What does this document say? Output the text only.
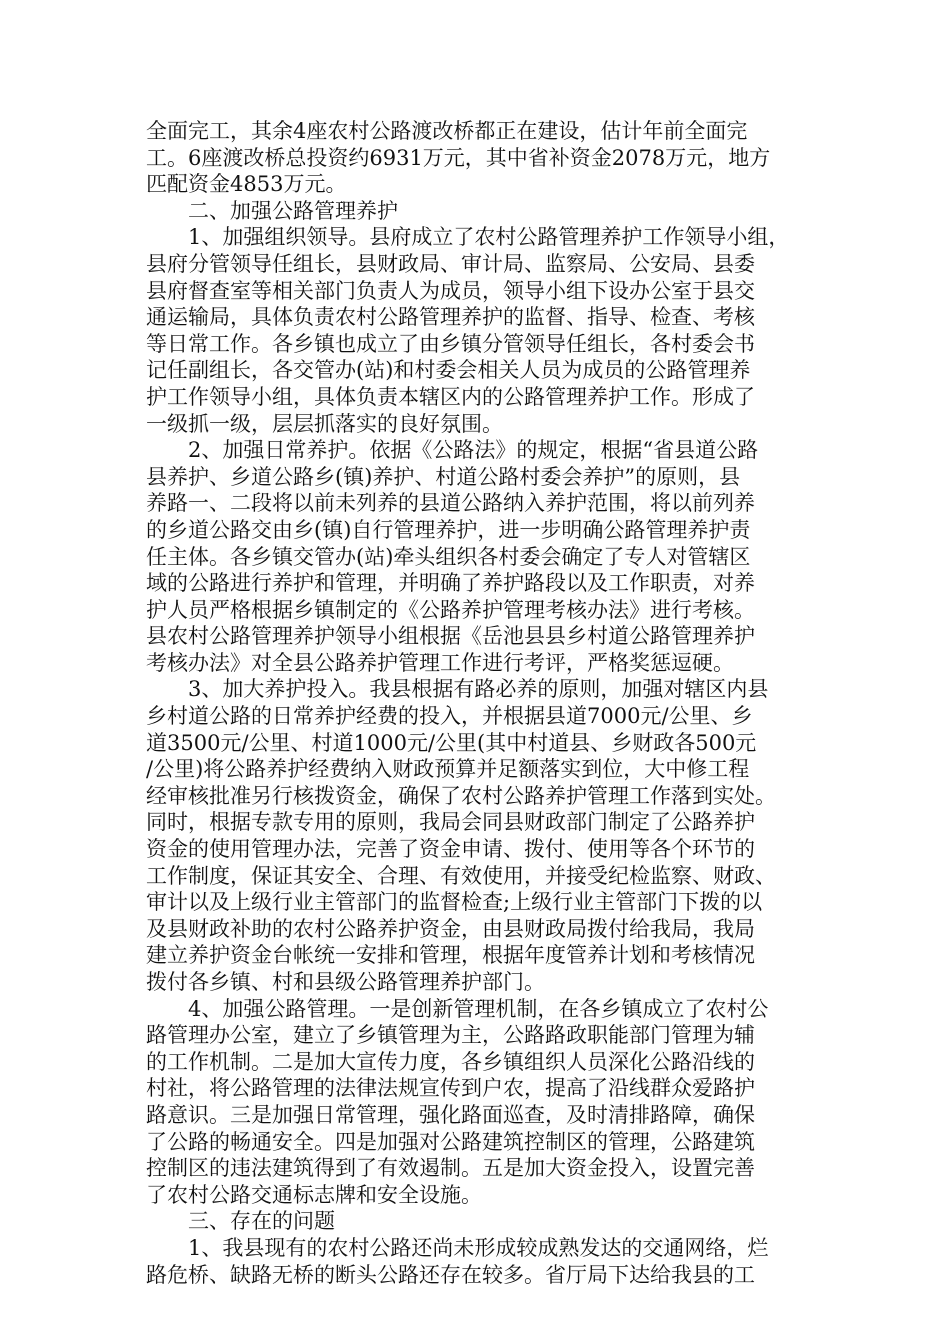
全面完工，其余4座农村公路渡改桥都正在建设，估计年前全面完
工。6座渡改桥总投资约6931万元，其中省补资金2078万元，地方
匹配资金4853万元。
二、加强公路管理养护
1、加强组织领导。县府成立了农村公路管理养护工作领导小组，
县府分管领导任组长，县财政局、审计局、监察局、公安局、县委
县府督查室等相关部门负责人为成员，领导小组下设办公室于县交
通运输局，具体负责农村公路管理养护的监督、指导、检查、考核
等日常工作。各乡镇也成立了由乡镇分管领导任组长，各村委会书
记任副组长，各交管办(站)和村委会相关人员为成员的公路管理养
护工作领导小组，具体负责本辖区内的公路管理养护工作。形成了
一级抓一级，层层抓落实的良好氛围。
2、加强日常养护。依据《公路法》的规定，根据“省县道公路
县养护、乡道公路乡(镇)养护、村道公路村委会养护”的原则，县
养路一、二段将以前未列养的县道公路纳入养护范围，将以前列养
的乡道公路交由乡(镇)自行管理养护，进一步明确公路管理养护责
任主体。各乡镇交管办(站)牵头组织各村委会确定了专人对管辖区
域的公路进行养护和管理，并明确了养护路段以及工作职责，对养
护人员严格根据乡镇制定的《公路养护管理考核办法》进行考核。
县农村公路管理养护领导小组根据《岳池县县乡村道公路管理养护
考核办法》对全县公路养护管理工作进行考评，严格奖惩逗硬。
3、加大养护投入。我县根据有路必养的原则，加强对辖区内县
乡村道公路的日常养护经费的投入，并根据县道7000元/公里、乡
道3500元/公里、村道1000元/公里(其中村道县、乡财政各500元
/公里)将公路养护经费纳入财政预算并足额落实到位，大中修工程
经审核批准另行核拨资金，确保了农村公路养护管理工作落到实处。
同时，根据专款专用的原则，我局会同县财政部门制定了公路养护
资金的使用管理办法，完善了资金申请、拨付、使用等各个环节的
工作制度，保证其安全、合理、有效使用，并接受纪检监察、财政、
审计以及上级行业主管部门的监督检查;上级行业主管部门下拨的以
及县财政补助的农村公路养护资金，由县财政局拨付给我局，我局
建立养护资金台帐统一安排和管理，根据年度管养计划和考核情况
拨付各乡镇、村和县级公路管理养护部门。
4、加强公路管理。一是创新管理机制，在各乡镇成立了农村公
路管理办公室，建立了乡镇管理为主，公路路政职能部门管理为辅
的工作机制。二是加大宣传力度，各乡镇组织人员深化公路沿线的
村社，将公路管理的法律法规宣传到户农，提高了沿线群众爱路护
路意识。三是加强日常管理，强化路面巡查，及时清排路障，确保
了公路的畅通安全。四是加强对公路建筑控制区的管理，公路建筑
控制区的违法建筑得到了有效遏制。五是加大资金投入，设置完善
了农村公路交通标志牌和安全设施。
三、存在的问题
1、我县现有的农村公路还尚未形成较成熟发达的交通网络，烂
路危桥、缺路无桥的断头公路还存在较多。省厅局下达给我县的工
